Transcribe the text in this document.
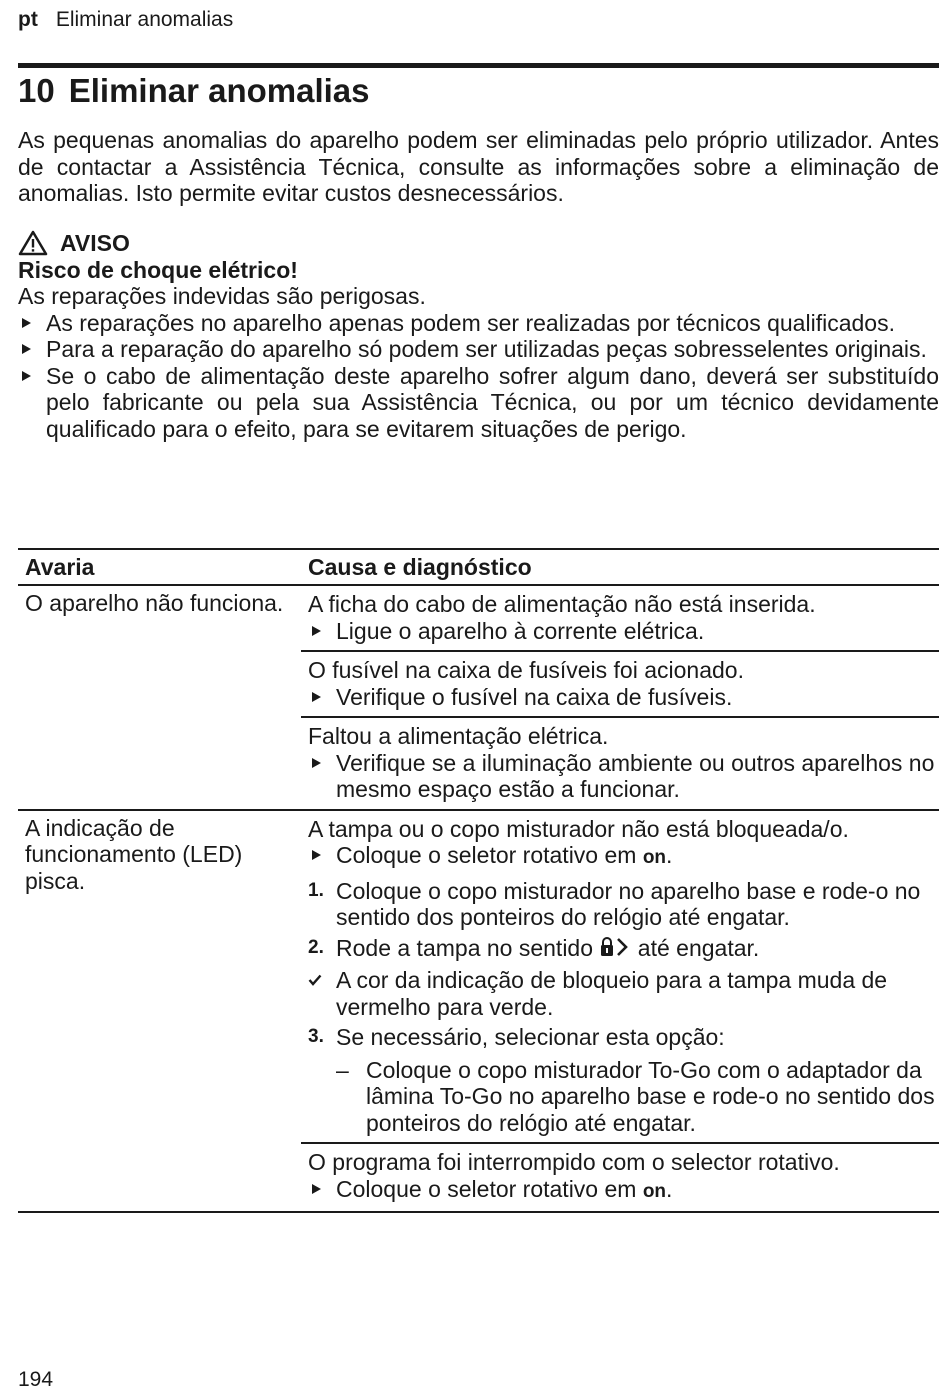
pt Eliminar anomalias
10 Eliminar anomalias

As pequenas anomalias do aparelho podem ser eliminadas pelo próprio utilizador. Antes de contactar a Assistência Técnica, consulte as informações sobre a eliminação de anomalias. Isto permite evitar custos desnecessários.

AVISO
Risco de choque elétrico!
As reparações indevidas são perigosas.
As reparações no aparelho apenas podem ser realizadas por técnicos qualificados.
Para a reparação do aparelho só podem ser utilizadas peças sobresselentes originais.
Se o cabo de alimentação deste aparelho sofrer algum dano, deverá ser substituído pelo fabricante ou pela sua Assistência Técnica, ou por um técnico devidamente qualificado para o efeito, para se evitarem situações de perigo.
Avaria	Causa e diagnóstico
O aparelho não funciona.	A ficha do cabo de alimentação não está inserida.
Ligue o aparelho à corrente elétrica.
O fusível na caixa de fusíveis foi acionado.
Verifique o fusível na caixa de fusíveis.
Faltou a alimentação elétrica.
Verifique se a iluminação ambiente ou outros aparelhos no mesmo espaço estão a funcionar.
A indicação de funcionamento (LED) pisca.
A tampa ou o copo misturador não está bloqueada/o.
Coloque o seletor rotativo em on.
1. Coloque o copo misturador no aparelho base e rode-o no sentido dos ponteiros do relógio até engatar.
2. Rode a tampa no sentido  até engatar.
A cor da indicação de bloqueio para a tampa muda de vermelho para verde.
3. Se necessário, selecionar esta opção:
– Coloque o copo misturador To-Go com o adaptador da lâmina To-Go no aparelho base e rode-o no sentido dos ponteiros do relógio até engatar.
O programa foi interrompido com o selector rotativo.
Coloque o seletor rotativo em on.
194
